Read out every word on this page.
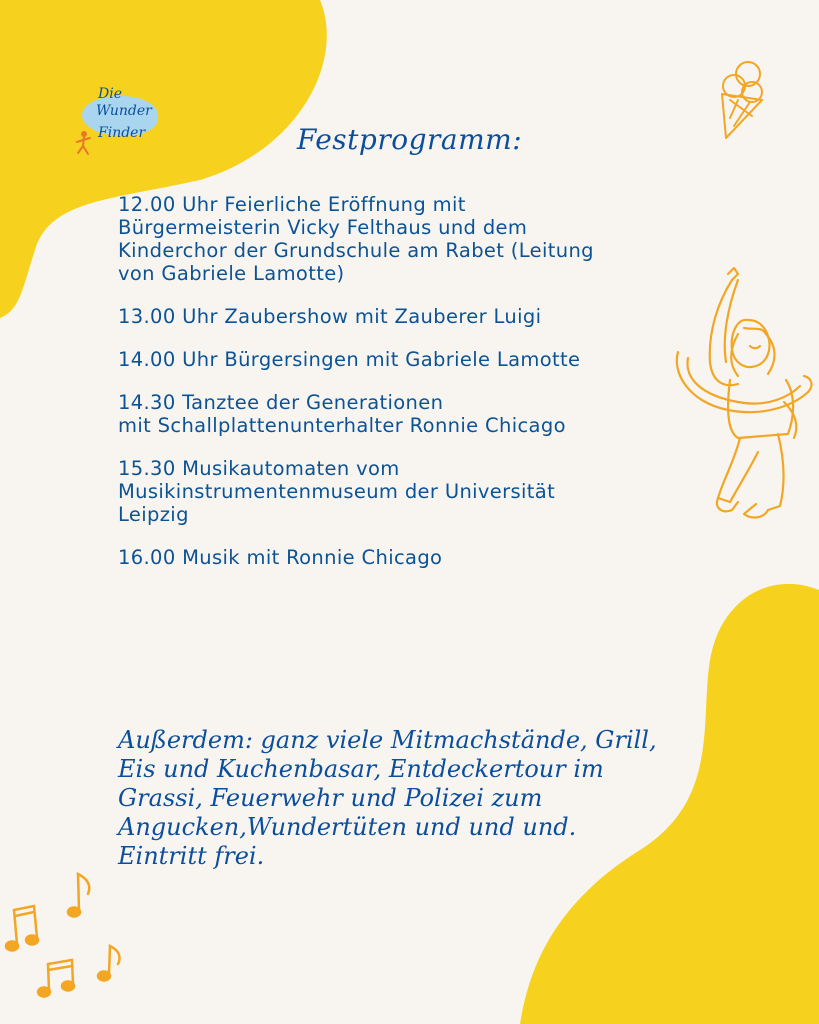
Die
Wunder
Finder	Festprogramm:
12.00 Uhr Feierliche Eröffnung mit
Bürgermeisterin Vicky Felthaus und dem
Kinderchor der Grundschule am Rabet (Leitung
von Gabriele Lamotte)
13.00 Uhr Zaubershow mit Zauberer Luigi
14.00 Uhr Bürgersingen mit Gabriele Lamotte
14.30 Tanztee der Generationen
mit Schallplattenunterhalter Ronnie Chicago
15.30 Musikautomaten vom
Musikinstrumentenmuseum der Universität
Leipzig
16.00 Musik mit Ronnie Chicago
Außerdem: ganz viele Mitmachstände, Grill,
Eis und Kuchenbasar, Entdeckertour im
Grassi, Feuerwehr und Polizei zum
Angucken,Wundertüten und und und.
Eintritt frei.
